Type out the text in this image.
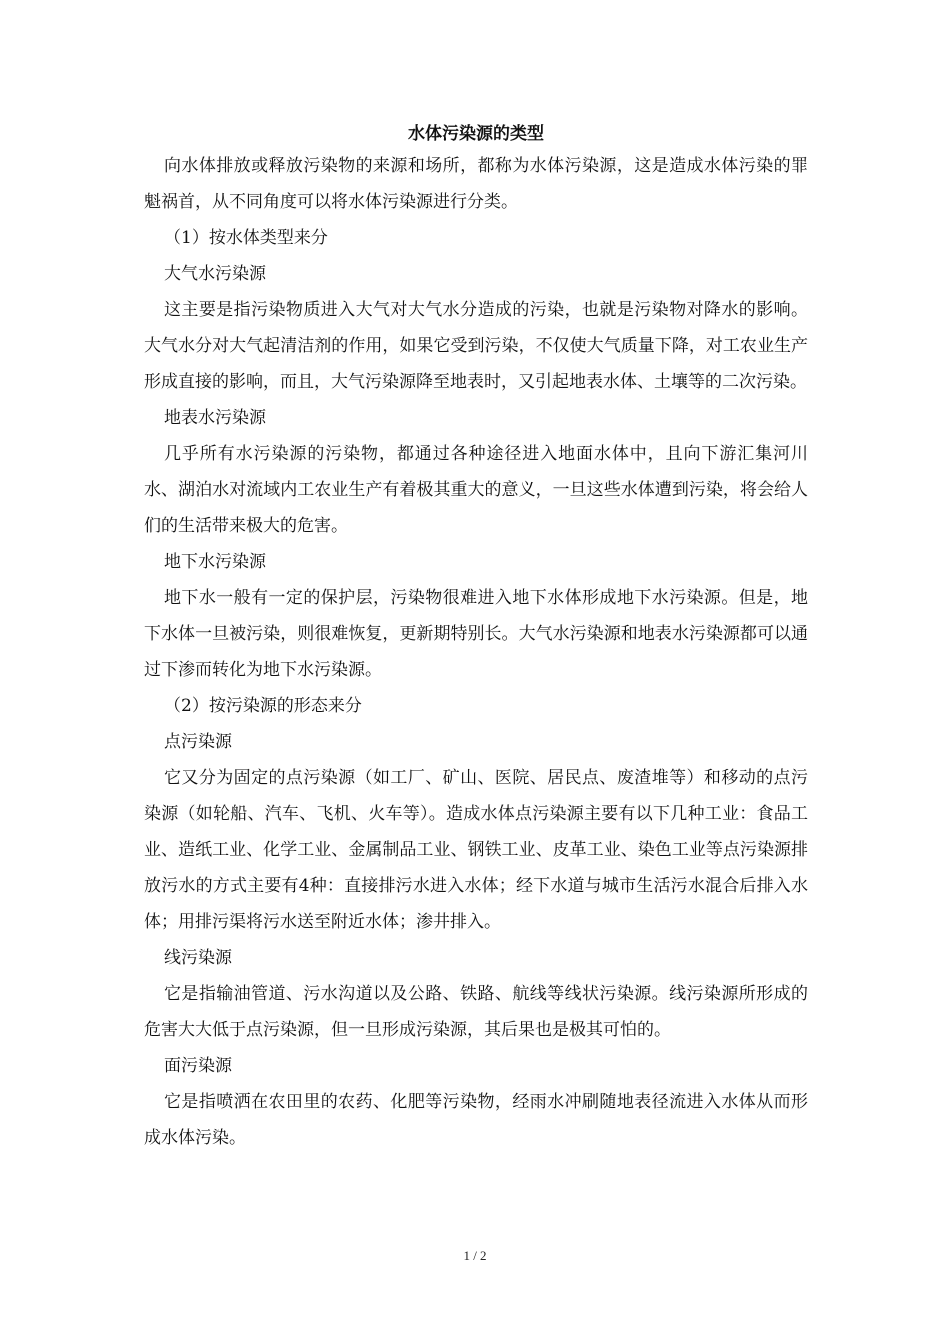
水体污染源的类型

向水体排放或释放污染物的来源和场所，都称为水体污染源，这是造成水体污染的罪魁祸首，从不同角度可以将水体污染源进行分类。

（1）按水体类型来分

大气水污染源

这主要是指污染物质进入大气对大气水分造成的污染，也就是污染物对降水的影响。大气水分对大气起清洁剂的作用，如果它受到污染，不仅使大气质量下降，对工农业生产形成直接的影响，而且，大气污染源降至地表时，又引起地表水体、土壤等的二次污染。

地表水污染源

几乎所有水污染源的污染物，都通过各种途径进入地面水体中，且向下游汇集河川水、湖泊水对流域内工农业生产有着极其重大的意义，一旦这些水体遭到污染，将会给人们的生活带来极大的危害。

地下水污染源

地下水一般有一定的保护层，污染物很难进入地下水体形成地下水污染源。但是，地下水体一旦被污染，则很难恢复，更新期特别长。大气水污染源和地表水污染源都可以通过下渗而转化为地下水污染源。

（2）按污染源的形态来分

点污染源

它又分为固定的点污染源（如工厂、矿山、医院、居民点、废渣堆等）和移动的点污染源（如轮船、汽车、飞机、火车等）。造成水体点污染源主要有以下几种工业：食品工业、造纸工业、化学工业、金属制品工业、钢铁工业、皮革工业、染色工业等点污染源排放污水的方式主要有4种：直接排污水进入水体；经下水道与城市生活污水混合后排入水体；用排污渠将污水送至附近水体；渗井排入。

线污染源

它是指输油管道、污水沟道以及公路、铁路、航线等线状污染源。线污染源所形成的危害大大低于点污染源，但一旦形成污染源，其后果也是极其可怕的。

面污染源

它是指喷洒在农田里的农药、化肥等污染物，经雨水冲刷随地表径流进入水体从而形成水体污染。

1 / 2
